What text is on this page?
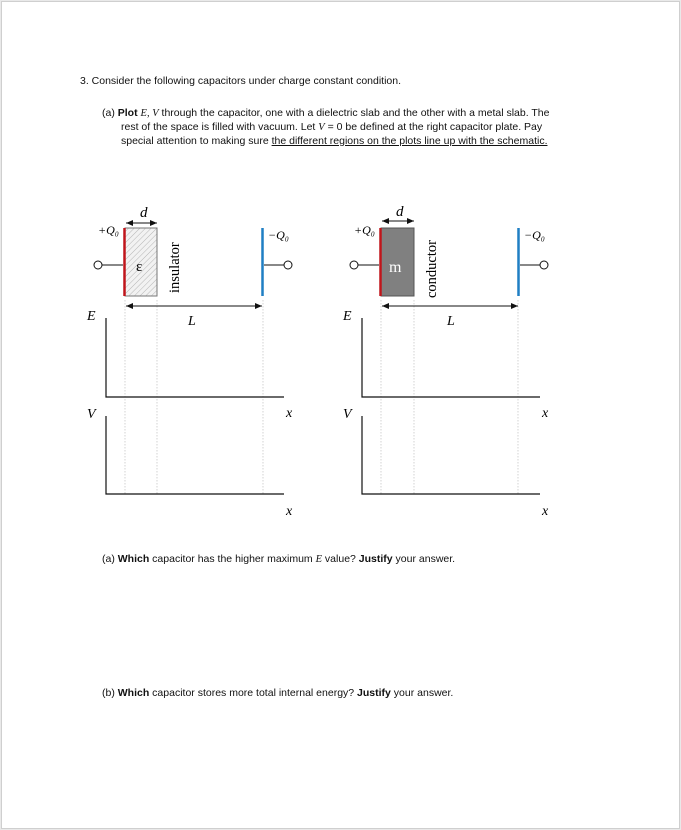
3. Consider the following capacitors under charge constant condition.
(a) Plot E, V through the capacitor, one with a dielectric slab and the other with a metal slab. The
rest of the space is filled with vacuum. Let V = 0 be defined at the right capacitor plate. Pay
special attention to making sure the different regions on the plots line up with the schematic.
d
+Q₀	−Q₀
ε insulator
L
E
x
V
x
d
+Q₀	−Q₀
m conductor
L
E
x
V
x
(a) Which capacitor has the higher maximum E value? Justify your answer.
(b) Which capacitor stores more total internal energy? Justify your answer.
